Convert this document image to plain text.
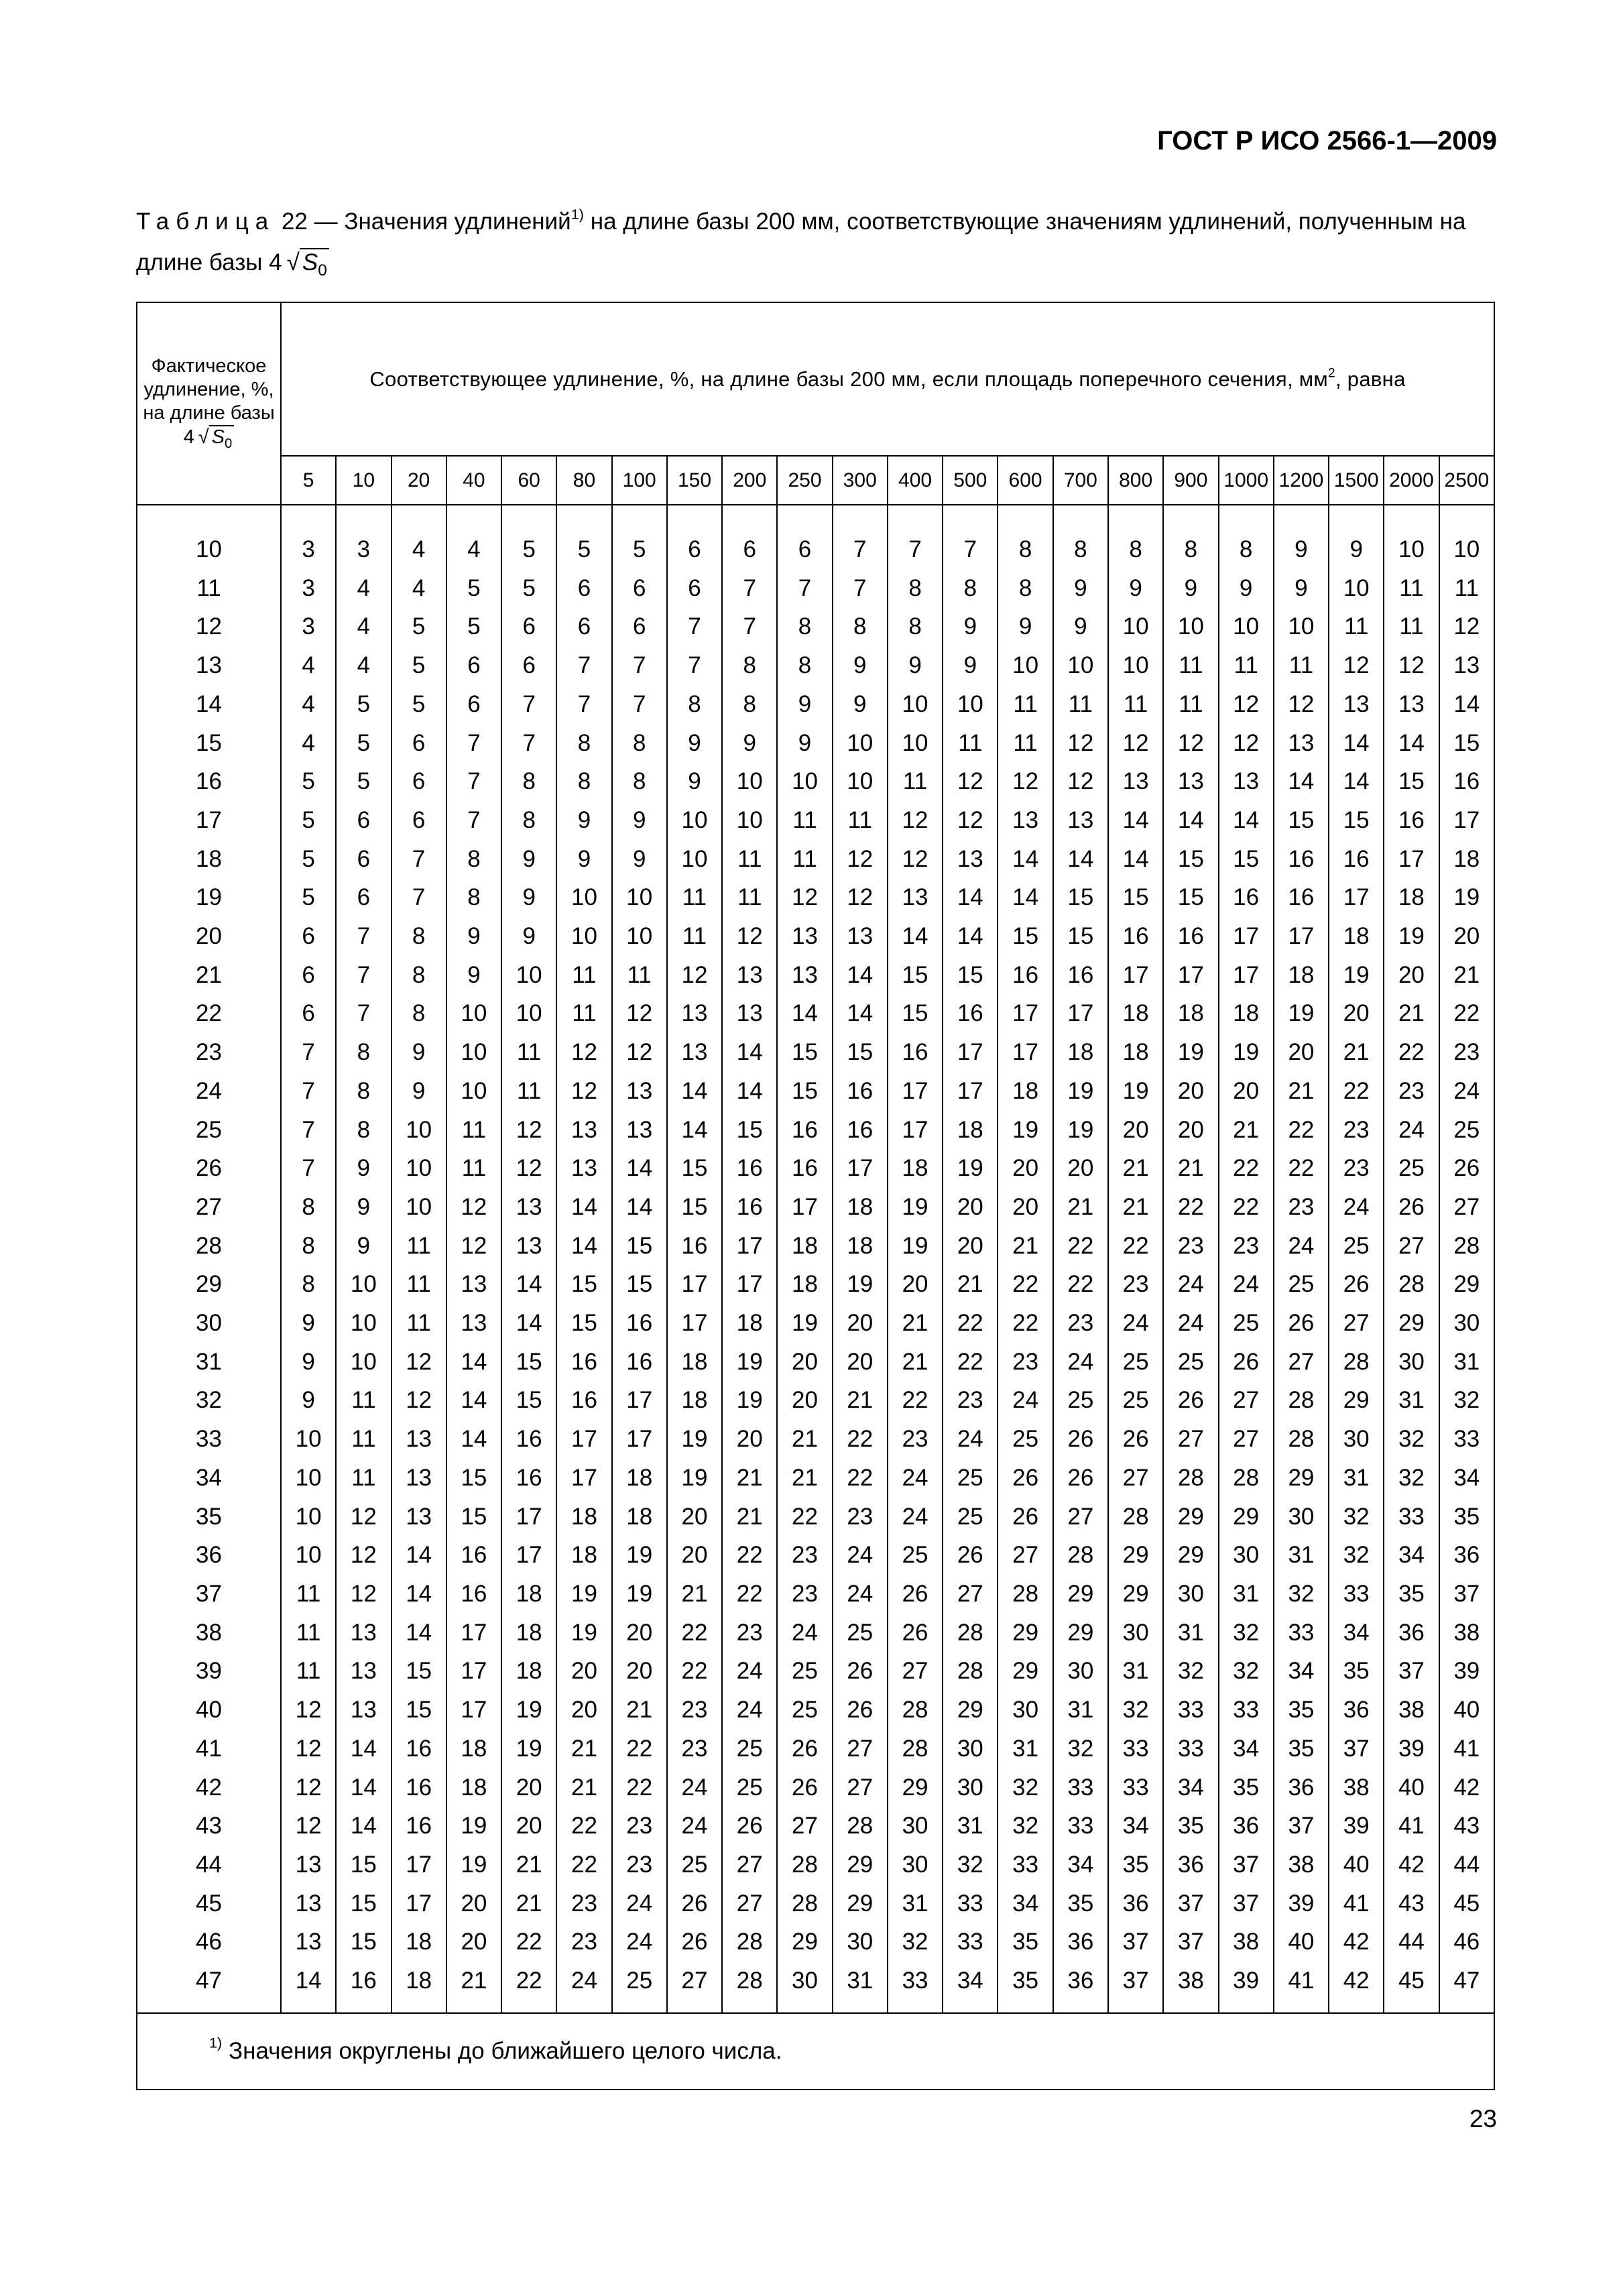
ГОСТ Р ИСО 2566-1—2009
Таблица 22 — Значения удлинений$^{1)}$ на длине базы 200 мм, соответствующие значениям удлинений, полученным на длине базы 4  √ $S_0$
Фактическое удлинение, %, на длине базы
4  √ $S_0$	Соответствующее удлинение, %, на длине базы 200 мм, если площадь поперечного сечения, $мм^2$, равна																					
	5	10	20	40	60	80	100	150	200	250	300	400	500	600	700	800	900	1000	1200	1500	2000	2500

10	3	3	4	4	5	5	5	6	6	6	7	7	7	8	8	8	8	8	9	9	10	10
11	3	4	4	5	5	6	6	6	7	7	7	8	8	8	9	9	9	9	9	10	11	11
12	3	4	5	5	6	6	6	7	7	8	8	8	9	9	9	10	10	10	10	11	11	12
13	4	4	5	6	6	7	7	7	8	8	9	9	9	10	10	10	11	11	11	12	12	13
14	4	5	5	6	7	7	7	8	8	9	9	10	10	11	11	11	11	12	12	13	13	14
15	4	5	6	7	7	8	8	9	9	9	10	10	11	11	12	12	12	12	13	14	14	15
16	5	5	6	7	8	8	8	9	10	10	10	11	12	12	12	13	13	13	14	14	15	16
17	5	6	6	7	8	9	9	10	10	11	11	12	12	13	13	14	14	14	15	15	16	17
18	5	6	7	8	9	9	9	10	11	11	12	12	13	14	14	14	15	15	16	16	17	18
19	5	6	7	8	9	10	10	11	11	12	12	13	14	14	15	15	15	16	16	17	18	19
20	6	7	8	9	9	10	10	11	12	13	13	14	14	15	15	16	16	17	17	18	19	20
21	6	7	8	9	10	11	11	12	13	13	14	15	15	16	16	17	17	17	18	19	20	21
22	6	7	8	10	10	11	12	13	13	14	14	15	16	17	17	18	18	18	19	20	21	22
23	7	8	9	10	11	12	12	13	14	15	15	16	17	17	18	18	19	19	20	21	22	23
24	7	8	9	10	11	12	13	14	14	15	16	17	17	18	19	19	20	20	21	22	23	24
25	7	8	10	11	12	13	13	14	15	16	16	17	18	19	19	20	20	21	22	23	24	25
26	7	9	10	11	12	13	14	15	16	16	17	18	19	20	20	21	21	22	22	23	25	26
27	8	9	10	12	13	14	14	15	16	17	18	19	20	20	21	21	22	22	23	24	26	27
28	8	9	11	12	13	14	15	16	17	18	18	19	20	21	22	22	23	23	24	25	27	28
29	8	10	11	13	14	15	15	17	17	18	19	20	21	22	22	23	24	24	25	26	28	29
30	9	10	11	13	14	15	16	17	18	19	20	21	22	22	23	24	24	25	26	27	29	30
31	9	10	12	14	15	16	16	18	19	20	20	21	22	23	24	25	25	26	27	28	30	31
32	9	11	12	14	15	16	17	18	19	20	21	22	23	24	25	25	26	27	28	29	31	32
33	10	11	13	14	16	17	17	19	20	21	22	23	24	25	26	26	27	27	28	30	32	33
34	10	11	13	15	16	17	18	19	21	21	22	24	25	26	26	27	28	28	29	31	32	34
35	10	12	13	15	17	18	18	20	21	22	23	24	25	26	27	28	29	29	30	32	33	35
36	10	12	14	16	17	18	19	20	22	23	24	25	26	27	28	29	29	30	31	32	34	36
37	11	12	14	16	18	19	19	21	22	23	24	26	27	28	29	29	30	31	32	33	35	37
38	11	13	14	17	18	19	20	22	23	24	25	26	28	29	29	30	31	32	33	34	36	38
39	11	13	15	17	18	20	20	22	24	25	26	27	28	29	30	31	32	32	34	35	37	39
40	12	13	15	17	19	20	21	23	24	25	26	28	29	30	31	32	33	33	35	36	38	40
41	12	14	16	18	19	21	22	23	25	26	27	28	30	31	32	33	33	34	35	37	39	41
42	12	14	16	18	20	21	22	24	25	26	27	29	30	32	33	33	34	35	36	38	40	42
43	12	14	16	19	20	22	23	24	26	27	28	30	31	32	33	34	35	36	37	39	41	43
44	13	15	17	19	21	22	23	25	27	28	29	30	32	33	34	35	36	37	38	40	42	44
45	13	15	17	20	21	23	24	26	27	28	29	31	33	34	35	36	37	37	39	41	43	45
46	13	15	18	20	22	23	24	26	28	29	30	32	33	35	36	37	37	38	40	42	44	46
47	14	16	18	21	22	24	25	27	28	30	31	33	34	35	36	37	38	39	41	42	45	47

$^{1)}$ Значения округлены до ближайшего целого числа.																						
23
